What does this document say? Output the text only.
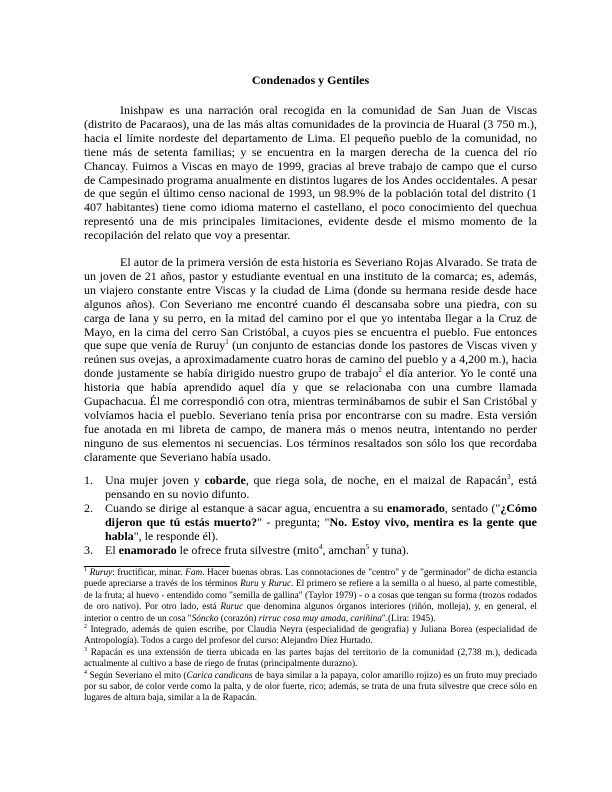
Condenados y Gentiles

Inishpaw es una narración oral recogida en la comunidad de San Juan de Viscas (distrito de Pacaraos), una de las más altas comunidades de la provincia de Huaral (3 750 m.), hacia el límite nordeste del departamento de Lima. El pequeño pueblo de la comunidad, no tiene más de setenta familias; y se encuentra en la margen derecha de la cuenca del río Chancay. Fuimos a Viscas en mayo de 1999, gracias al breve trabajo de campo que el curso de Campesinado programa anualmente en distintos lugares de los Andes occidentales. A pesar de que según el último censo nacional de 1993, un 98.9% de la población total del distrito (1 407 habitantes) tiene como idioma materno el castellano, el poco conocimiento del quechua representó una de mis principales limitaciones, evidente desde el mismo momento de la recopilación del relato que voy a presentar.

El autor de la primera versión de esta historia es Severiano Rojas Alvarado. Se trata de un joven de 21 años, pastor y estudiante eventual en una instituto de la comarca; es, además, un viajero constante entre Viscas y la ciudad de Lima (donde su hermana reside desde hace algunos años). Con Severiano me encontré cuando él descansaba sobre una piedra, con su carga de lana y su perro, en la mitad del camino por el que yo intentaba llegar a la Cruz de Mayo, en la cima del cerro San Cristóbal, a cuyos pies se encuentra el pueblo. Fue entonces que supe que venía de Ruruy$^1$ (un conjunto de estancias donde los pastores de Viscas viven y reúnen sus ovejas, a aproximadamente cuatro horas de camino del pueblo y a 4,200 m.), hacia donde justamente se había dirigido nuestro grupo de trabajo$^2$ el día anterior. Yo le conté una historia que había aprendido aquel día y que se relacionaba con una cumbre llamada Gupachacua. Él me correspondió con otra, mientras terminábamos de subir el San Cristóbal y volvíamos hacia el pueblo. Severiano tenía prisa por encontrarse con su madre. Esta versión fue anotada en mi libreta de campo, de manera más o menos neutra, intentando no perder ninguno de sus elementos ni secuencias. Los términos resaltados son sólo los que recordaba claramente que Severiano había usado.

1. Una mujer joven y cobarde, que riega sola, de noche, en el maizal de Rapacán$^3$, está pensando en su novio difunto.
2. Cuando se dirige al estanque a sacar agua, encuentra a su enamorado, sentado ("¿Cómo dijeron que tú estás muerto?" - pregunta; "No. Estoy vivo, mentira es la gente que habla", le responde él).
3. El enamorado le ofrece fruta silvestre (mito$^4$, amchan$^5$ y tuna).

$^1$ Ruruy: fructificar, minar. Fam. Hacer buenas obras. Las connotaciones de "centro" y de "germinador" de dicha estancia puede apreciarse a través de los términos Ruru y Ruruc. El primero se refiere a la semilla o al hueso, al parte comestible, de la fruta; al huevo - entendido como "semilla de gallina" (Taylor 1979) - o a cosas que tengan su forma (trozos rodados de oro nativo). Por otro lado, está Ruruc que denomina algunos órganos interiores (riñón, molleja), y, en general, el interior o centro de un cosa "Sóncko (corazón) rirruc cosa muy amada, cariñina".(Lira: 1945).

$^2$ Integrado, además de quien escribe, por Claudia Neyra (especialidad de geografía) y Juliana Borea (especialidad de Antropología). Todos a cargo del profesor del curso: Alejandro Díez Hurtado.

$^3$ Rapacán es una extensión de tierra ubicada en las partes bajas del territorio de la comunidad (2,738 m.), dedicada actualmente al cultivo a base de riego de frutas (principalmente durazno).

$^4$ Según Severiano el mito (Carica candicans de baya similar a la papaya, color amarillo rojizo) es un fruto muy preciado por su sabor, de color verde como la palta, y de olor fuerte, rico; además, se trata de una fruta silvestre que crece sólo en lugares de altura baja, similar a la de Rapacán.
